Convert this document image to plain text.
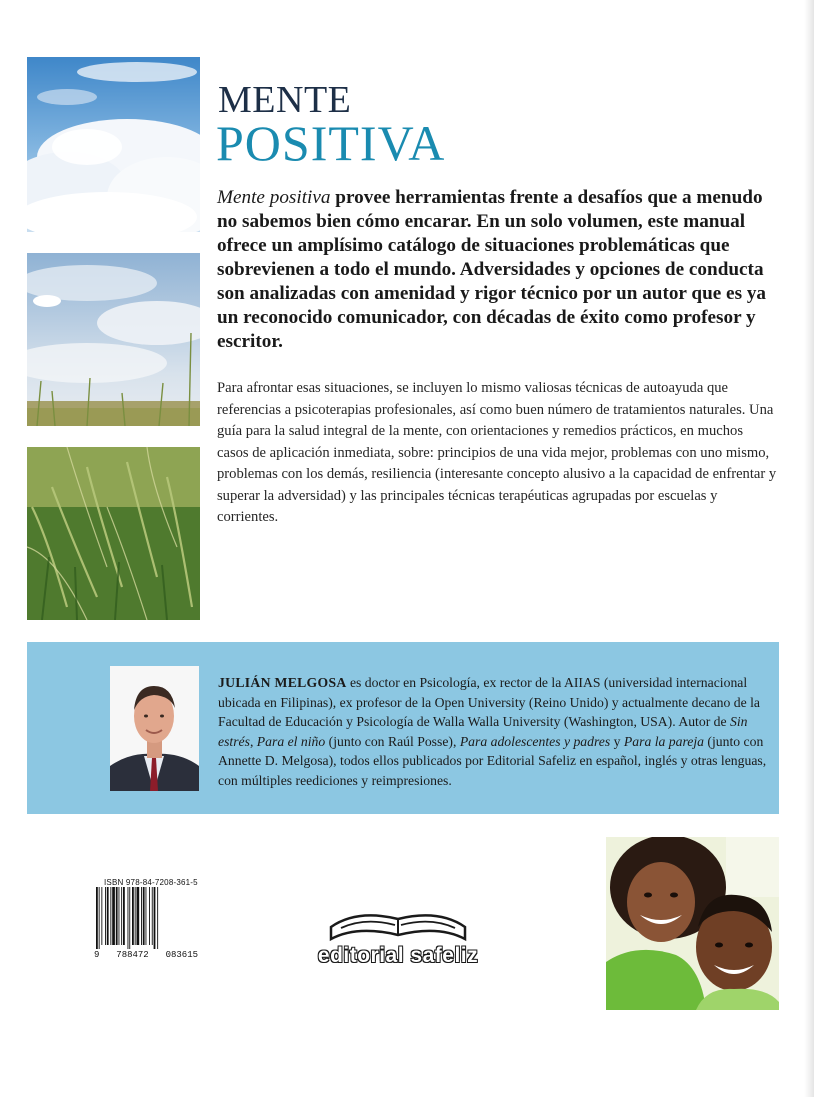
MENTE
POSITIVA

Mente positiva provee herramientas frente a desafíos que a menudo no sabemos bien cómo encarar. En un solo volumen, este manual ofrece un amplísimo catálogo de situaciones problemáticas que sobrevienen a todo el mundo. Adversidades y opciones de conducta son analizadas con amenidad y rigor técnico por un autor que es ya un reconocido comunicador, con décadas de éxito como profesor y escritor.

Para afrontar esas situaciones, se incluyen lo mismo valiosas técnicas de autoayuda que referencias a psicoterapias profesionales, así como buen número de tratamientos naturales. Una guía para la salud integral de la mente, con orientaciones y remedios prácticos, en muchos casos de aplicación inmediata, sobre: principios de una vida mejor, problemas con uno mismo, problemas con los demás, resiliencia (interesante concepto alusivo a la capacidad de enfrentar y superar la adversidad) y las principales técnicas terapéuticas agrupadas por escuelas y corrientes.

JULIÁN MELGOSA es doctor en Psicología, ex rector de la AIIAS (universidad internacional ubicada en Filipinas), ex profesor de la Open University (Reino Unido) y actualmente decano de la Facultad de Educación y Psicología de Walla Walla University (Washington, USA). Autor de Sin estrés, Para el niño (junto con Raúl Posse), Para adolescentes y padres y Para la pareja (junto con Annette D. Melgosa), todos ellos publicados por Editorial Safeliz en español, inglés y otras lenguas, con múltiples reediciones y reimpresiones.

ISBN 978-84-7208-361-5
9 788472 083615	editorial safeliz
